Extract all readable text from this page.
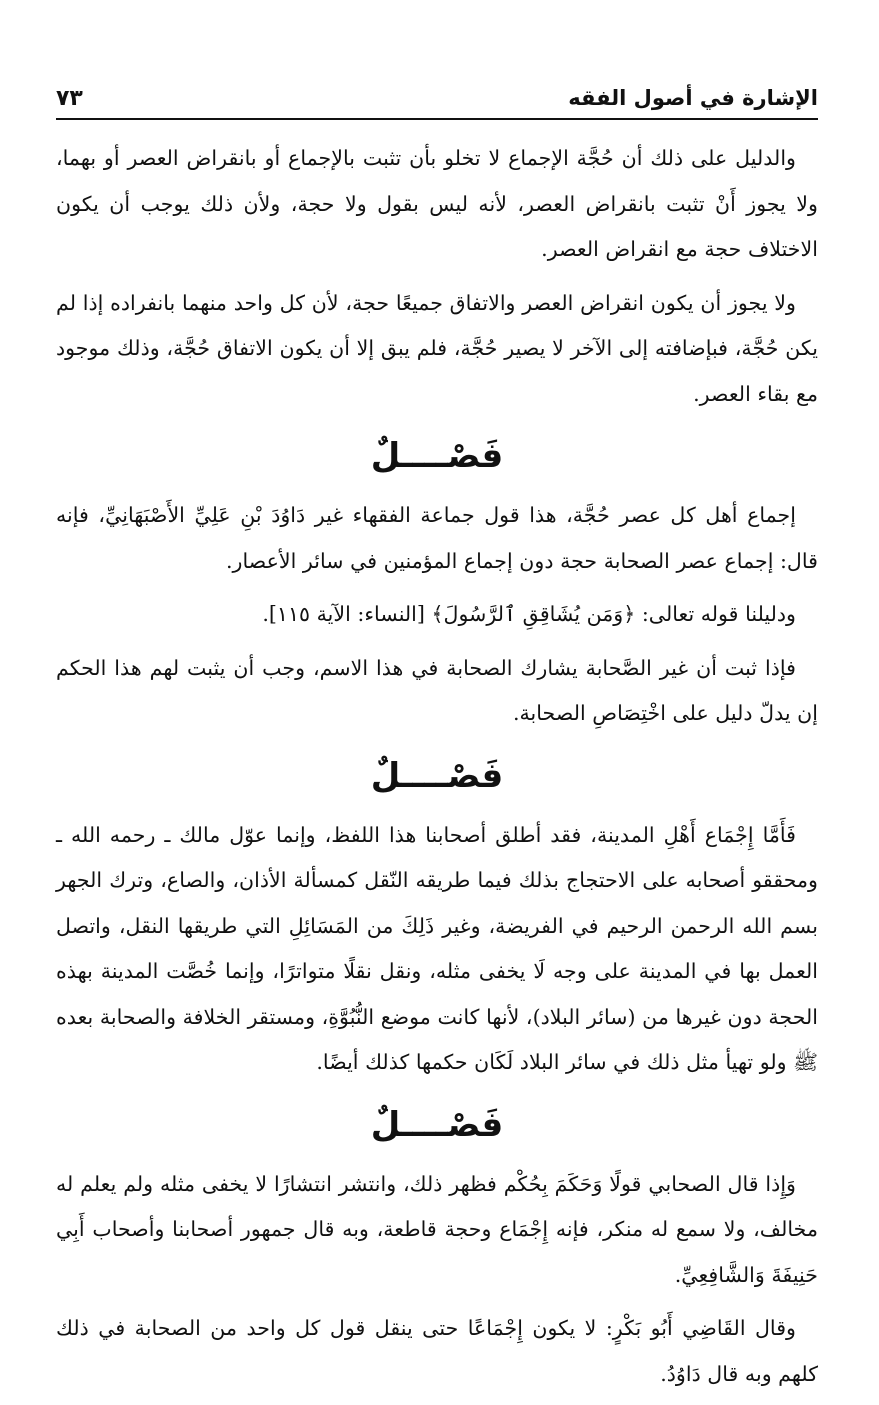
الإشارة في أصول الفقه
٧٣

والدليل على ذلك أن حُجَّة الإجماع لا تخلو بأن تثبت بالإجماع أو بانقراض العصر أو بهما، ولا يجوز أَنْ تثبت بانقراض العصر، لأنه ليس بقول ولا حجة، ولأن ذلك يوجب أن يكون الاختلاف حجة مع انقراض العصر.

ولا يجوز أن يكون انقراض العصر والاتفاق جميعًا حجة، لأن كل واحد منهما بانفراده إذا لم يكن حُجَّة، فبإضافته إلى الآخر لا يصير حُجَّة، فلم يبق إلا أن يكون الاتفاق حُجَّة، وذلك موجود مع بقاء العصر.

فَصْــــلٌ

إجماع أهل كل عصر حُجَّة، هذا قول جماعة الفقهاء غير دَاوُدَ بْنِ عَلِيِّ الأَصْبَهَانِيِّ، فإنه قال: إجماع عصر الصحابة حجة دون إجماع المؤمنين في سائر الأعصار.

ودليلنا قوله تعالى: ﴿وَمَن يُشَاقِقِ ٱلرَّسُولَ﴾ [النساء: الآية ١١٥].

فإذا ثبت أن غير الصَّحابة يشارك الصحابة في هذا الاسم، وجب أن يثبت لهم هذا الحكم إن يدلّ دليل على اخْتِصَاصِ الصحابة.

فَصْــــلٌ

فَأَمَّا إِجْمَاع أَهْلِ المدينة، فقد أطلق أصحابنا هذا اللفظ، وإنما عوّل مالك ـ رحمه الله ـ ومحققو أصحابه على الاحتجاج بذلك فيما طريقه النّقل كمسألة الأذان، والصاع، وترك الجهر بسم الله الرحمن الرحيم في الفريضة، وغير ذَلِكَ من المَسَائِلِ التي طريقها النقل، واتصل العمل بها في المدينة على وجه لَا يخفى مثله، ونقل نقلًا متواترًا، وإنما خُصَّت المدينة بهذه الحجة دون غيرها من (سائر البلاد)، لأنها كانت موضع النُّبُوَّةِ، ومستقر الخلافة والصحابة بعده ﷺ ولو تهيأ مثل ذلك في سائر البلاد لَكَان حكمها كذلك أيضًا.

فَصْــــلٌ

وَإِذا قال الصحابي قولًا وَحَكَمَ بِحُكْم فظهر ذلك، وانتشر انتشارًا لا يخفى مثله ولم يعلم له مخالف، ولا سمع له منكر، فإنه إِجْمَاع وحجة قاطعة، وبه قال جمهور أصحابنا وأصحاب أَبِي حَنِيفَةَ وَالشَّافِعِيِّ.

وقال القَاضِي أَبُو بَكْرٍ: لا يكون إِجْمَاعًا حتى ينقل قول كل واحد من الصحابة في ذلك كلهم وبه قال دَاوُدُ.
